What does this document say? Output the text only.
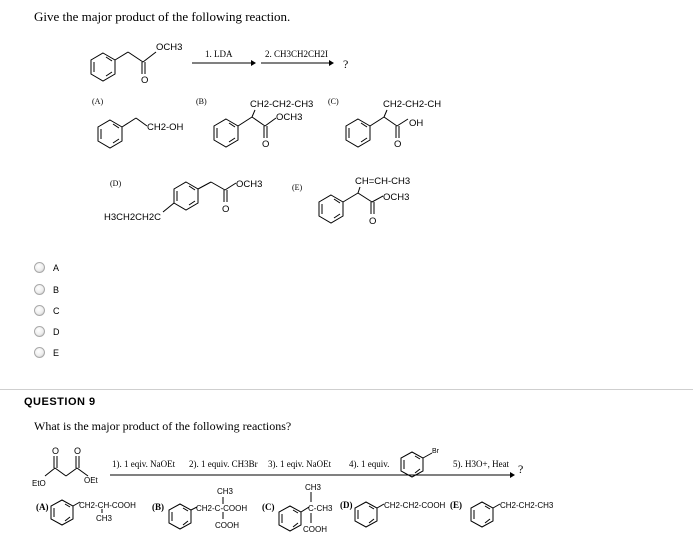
Give the major product of the following reaction.
OCH3
O
1. LDA	2. CH3CH2CH2I
?
(A)
CH2-OH
(B)	CH2-CH2-CH3
OCH3
O
(C)	CH2-CH2-CH
OH
O
(D)	OCH3
O
H3CH2CH2C
(E)
CH=CH-CH3
OCH3
O
A
B
C
D
E
QUESTION 9
What is the major product of the following reactions?
O O
EtO	OEt
1). 1 eqiv. NaOEt 2). 1 equiv. CH3Br 3). 1 eqiv. NaOEt 4). 1 equiv.
Br
5). H3O+, Heat ?
(A)	CH2-CH-COOH
CH3
(B)
CH3
CH2-C-COOH
COOH
(C)
CH3
C-CH3
COOH
(D)	CH2-CH2-COOH (E)	CH2-CH2-CH3
